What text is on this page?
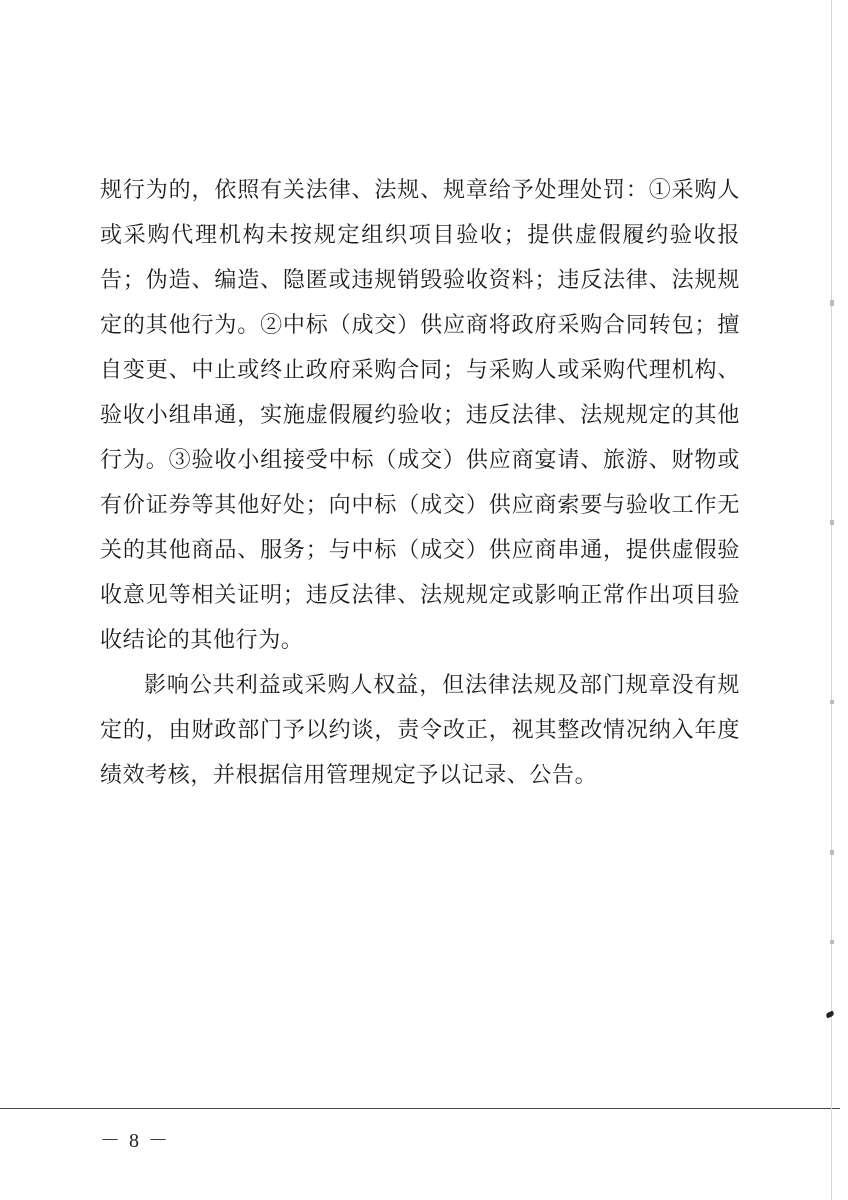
规行为的，依照有关法律、法规、规章给予处理处罚：①采购人
或采购代理机构未按规定组织项目验收；提供虚假履约验收报
告；伪造、编造、隐匿或违规销毁验收资料；违反法律、法规规
定的其他行为。②中标（成交）供应商将政府采购合同转包；擅
自变更、中止或终止政府采购合同；与采购人或采购代理机构、
验收小组串通，实施虚假履约验收；违反法律、法规规定的其他
行为。③验收小组接受中标（成交）供应商宴请、旅游、财物或
有价证券等其他好处；向中标（成交）供应商索要与验收工作无
关的其他商品、服务；与中标（成交）供应商串通，提供虚假验
收意见等相关证明；违反法律、法规规定或影响正常作出项目验
收结论的其他行为。
影响公共利益或采购人权益，但法律法规及部门规章没有规
定的，由财政部门予以约谈，责令改正，视其整改情况纳入年度
绩效考核，并根据信用管理规定予以记录、公告。
－ 8 －
